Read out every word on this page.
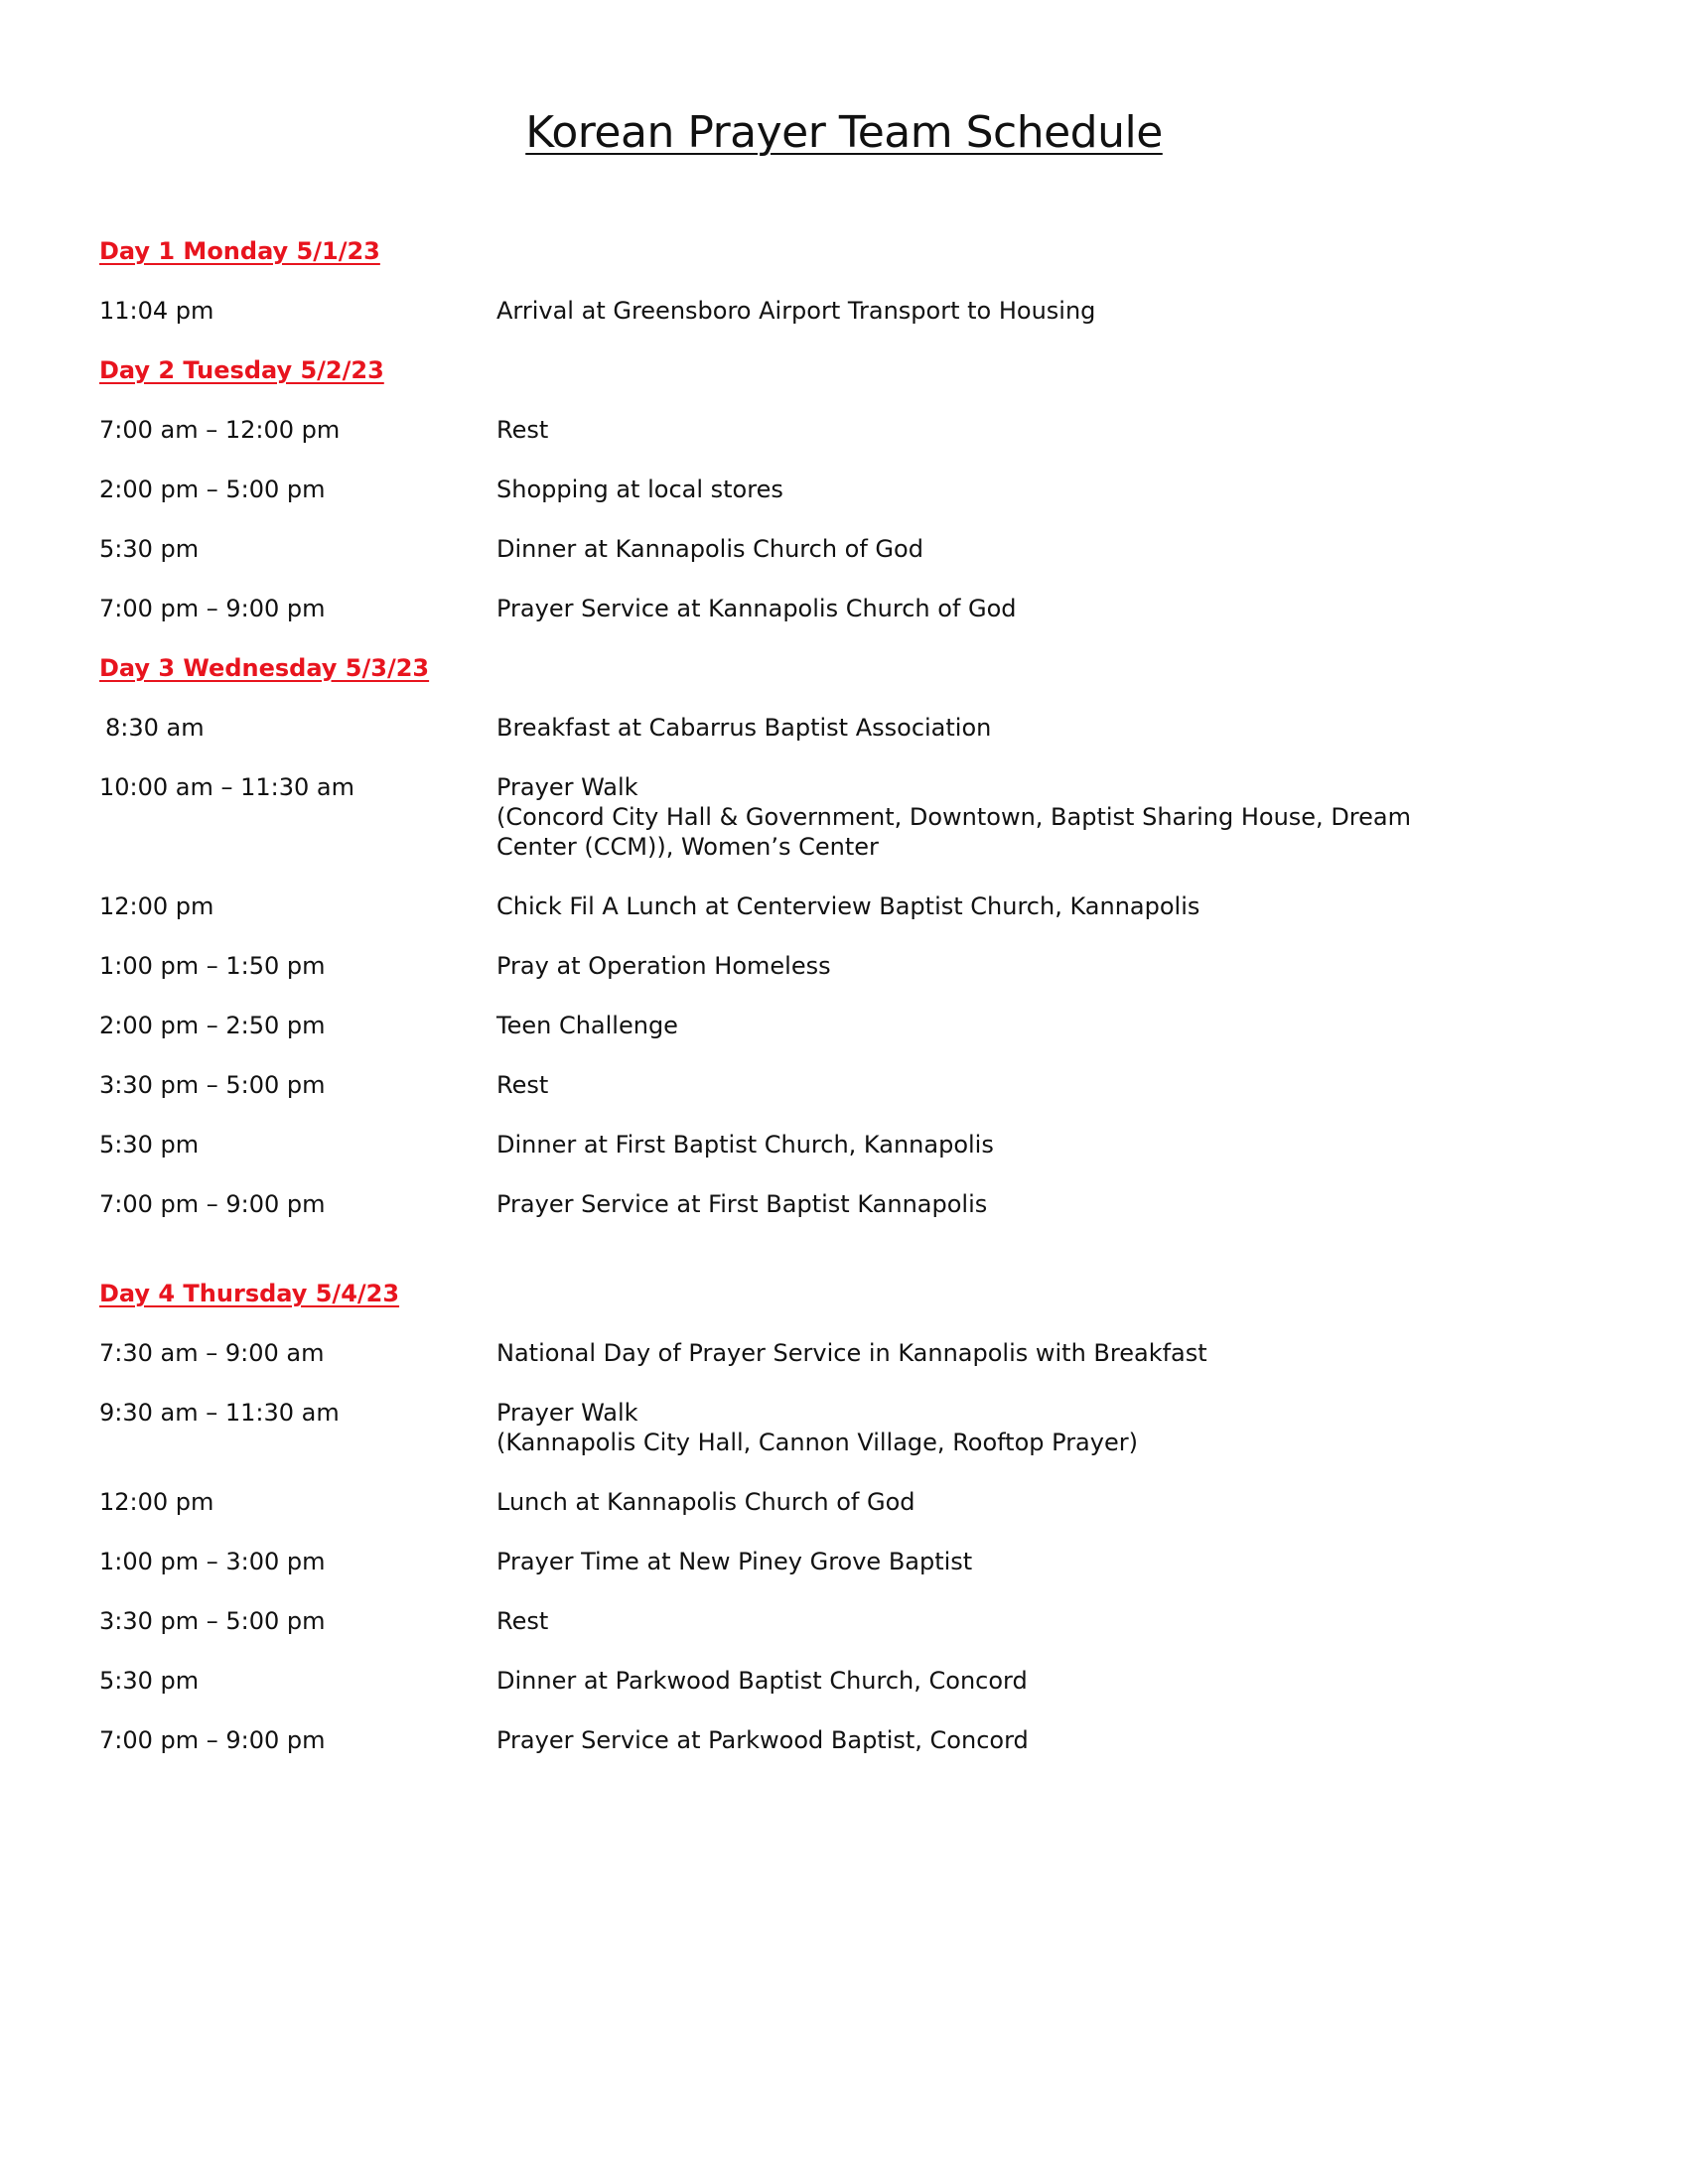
Korean Prayer Team Schedule
Day 1 Monday 5/1/23
11:04 pm	Arrival at Greensboro Airport Transport to Housing
Day 2 Tuesday 5/2/23
7:00 am – 12:00 pm	Rest
2:00 pm – 5:00 pm	Shopping at local stores
5:30 pm	Dinner at Kannapolis Church of God
7:00 pm – 9:00 pm	Prayer Service at Kannapolis Church of God
Day 3 Wednesday 5/3/23
8:30 am	Breakfast at Cabarrus Baptist Association
10:00 am – 11:30 am	Prayer Walk
(Concord City Hall & Government, Downtown, Baptist Sharing House, Dream Center (CCM)), Women’s Center
12:00 pm	Chick Fil A Lunch at Centerview Baptist Church, Kannapolis
1:00 pm – 1:50 pm	Pray at Operation Homeless
2:00 pm – 2:50 pm	Teen Challenge
3:30 pm – 5:00 pm	Rest
5:30 pm	Dinner at First Baptist Church, Kannapolis
7:00 pm – 9:00 pm	Prayer Service at First Baptist Kannapolis
Day 4 Thursday 5/4/23
7:30 am – 9:00 am	National Day of Prayer Service in Kannapolis with Breakfast
9:30 am – 11:30 am	Prayer Walk
(Kannapolis City Hall, Cannon Village, Rooftop Prayer)
12:00 pm	Lunch at Kannapolis Church of God
1:00 pm – 3:00 pm	Prayer Time at New Piney Grove Baptist
3:30 pm – 5:00 pm	Rest
5:30 pm	Dinner at Parkwood Baptist Church, Concord
7:00 pm – 9:00 pm	Prayer Service at Parkwood Baptist, Concord
